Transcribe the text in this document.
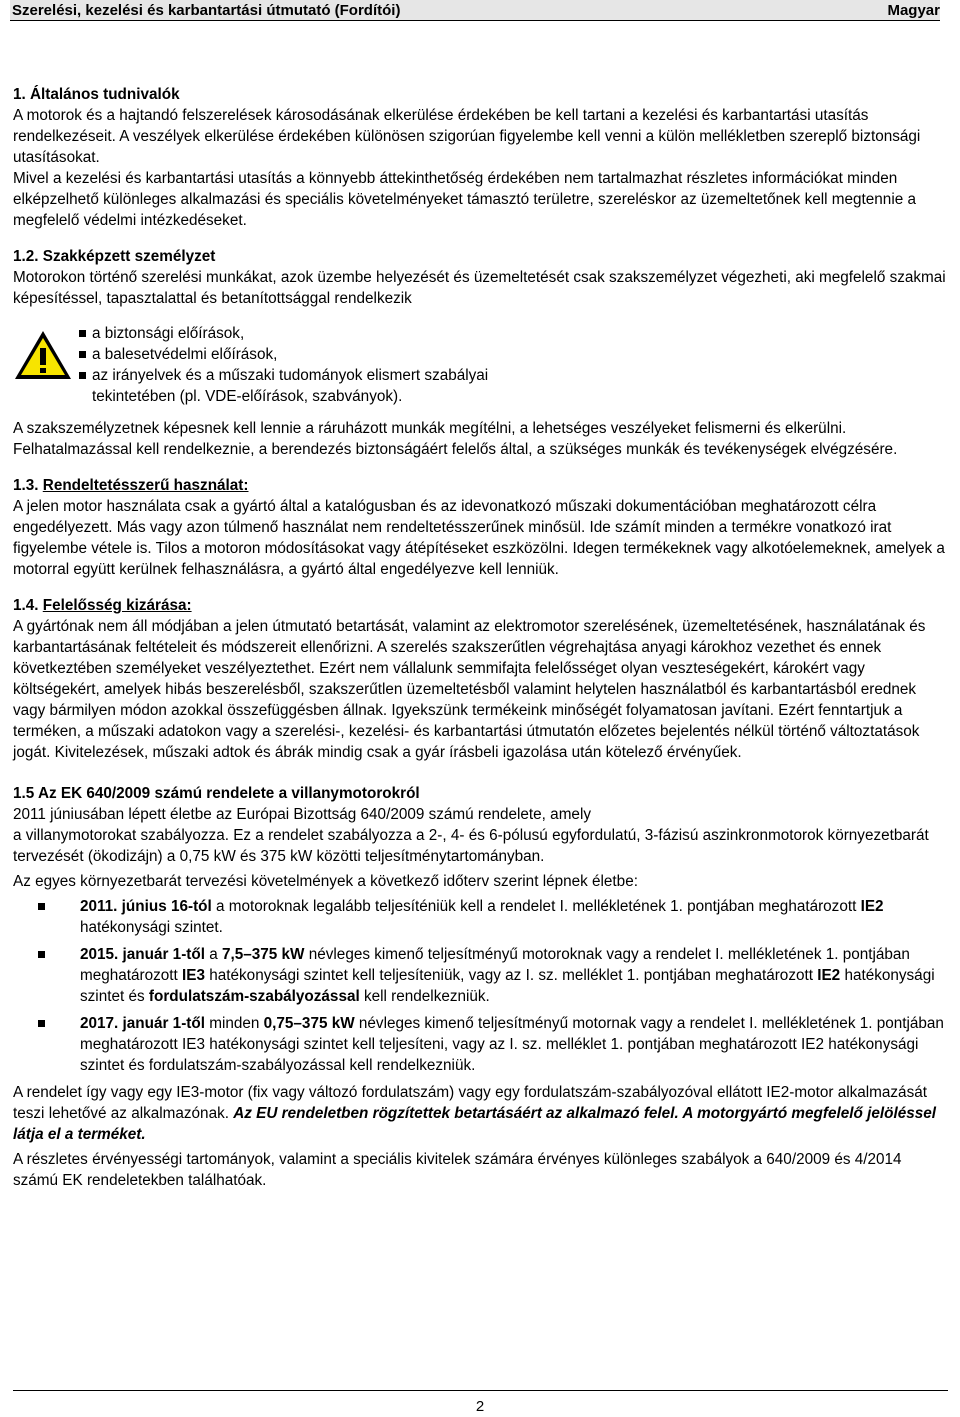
Szerelési, kezelési és karbantartási útmutató (Fordítói)	Magyar

1. Általános tudnivalók

A motorok és a hajtandó felszerelések károsodásának elkerülése érdekében be kell tartani a kezelési és karbantartási utasítás rendelkezéseit. A veszélyek elkerülése érdekében különösen szigorúan figyelembe kell venni a külön mellékletben szereplő biztonsági utasításokat.

Mivel a kezelési és karbantartási utasítás a könnyebb áttekinthetőség érdekében nem tartalmazhat részletes információkat minden elképzelhető különleges alkalmazási és speciális követelményeket támasztó területre, szereléskor az üzemeltetőnek kell megtennie a megfelelő védelmi intézkedéseket.

1.2. Szakképzett személyzet

Motorokon történő szerelési munkákat, azok üzembe helyezését és üzemeltetését csak szakszemélyzet végezheti, aki megfelelő szakmai képesítéssel, tapasztalattal és betanítottsággal rendelkezik

a biztonsági előírások,
a balesetvédelmi előírások,
az irányelvek és a műszaki tudományok elismert szabályai tekintetében (pl. VDE-előírások, szabványok).

A szakszemélyzetnek képesnek kell lennie a ráruházott munkák megítélni, a lehetséges veszélyeket felismerni és elkerülni. Felhatalmazással kell rendelkeznie, a berendezés biztonságáért felelős által, a szükséges munkák és tevékenységek elvégzésére.

1.3. Rendeltetésszerű használat:

A jelen motor használata csak a gyártó által a katalógusban és az idevonatkozó műszaki dokumentációban meghatározott célra engedélyezett. Más vagy azon túlmenő használat nem rendeltetésszerűnek minősül. Ide számít minden a termékre vonatkozó irat figyelembe vétele is. Tilos a motoron módosításokat vagy átépítéseket eszközölni. Idegen termékeknek vagy alkotóelemeknek, amelyek a motorral együtt kerülnek felhasználásra, a gyártó által engedélyezve kell lenniük.

1.4. Felelősség kizárása:

A gyártónak nem áll módjában a jelen útmutató betartását, valamint az elektromotor szerelésének, üzemeltetésének, használatának és karbantartásának feltételeit és módszereit ellenőrizni. A szerelés szakszerűtlen végrehajtása anyagi károkhoz vezethet és ennek következtében személyeket veszélyeztethet. Ezért nem vállalunk semmifajta felelősséget olyan veszteségekért, károkért vagy költségekért, amelyek hibás beszerelésből, szakszerűtlen üzemeltetésből valamint helytelen használatból és karbantartásból erednek vagy bármilyen módon azokkal összefüggésben állnak. Igyekszünk termékeink minőségét folyamatosan javítani. Ezért fenntartjuk a terméken, a műszaki adatokon vagy a szerelési-, kezelési- és karbantartási útmutatón előzetes bejelentés nélkül történő változtatások jogát. Kivitelezések, műszaki adtok és ábrák mindig csak a gyár írásbeli igazolása után kötelező érvényűek.

1.5 Az EK 640/2009 számú rendelete a villanymotorokról

2011 júniusában lépett életbe az Európai Bizottság 640/2009 számú rendelete, amely

a villanymotorokat szabályozza. Ez a rendelet szabályozza a 2-, 4- és 6-pólusú egyfordulatú, 3-fázisú aszinkronmotorok környezetbarát tervezését (ökodizájn) a 0,75 kW és 375 kW közötti teljesítménytartományban.

Az egyes környezetbarát tervezési követelmények a következő időterv szerint lépnek életbe:

2011. június 16-tól a motoroknak legalább teljesíténiük kell a rendelet I. mellékletének 1. pontjában meghatározott IE2 hatékonysági szintet.
2015. január 1-től a 7,5–375 kW névleges kimenő teljesítményű motoroknak vagy a rendelet I. mellékletének 1. pontjában meghatározott IE3 hatékonysági szintet kell teljesíteniük, vagy az I. sz. melléklet 1. pontjában meghatározott IE2 hatékonysági szintet és fordulatszám-szabályozással kell rendelkezniük.
2017. január 1-től minden 0,75–375 kW névleges kimenő teljesítményű motornak vagy a rendelet I. mellékletének 1. pontjában meghatározott IE3 hatékonysági szintet kell teljesíteni, vagy az I. sz. melléklet 1. pontjában meghatározott IE2 hatékonysági szintet és fordulatszám-szabályozással kell rendelkezniük.

A rendelet így vagy egy IE3-motor (fix vagy változó fordulatszám) vagy egy fordulatszám-szabályozóval ellátott IE2-motor alkalmazását teszi lehetővé az alkalmazónak. Az EU rendeletben rögzítettek betartásáért az alkalmazó felel. A motorgyártó megfelelő jelöléssel látja el a terméket.

A részletes érvényességi tartományok, valamint a speciális kivitelek számára érvényes különleges szabályok a 640/2009 és 4/2014 számú EK rendeletekben találhatóak.

2
